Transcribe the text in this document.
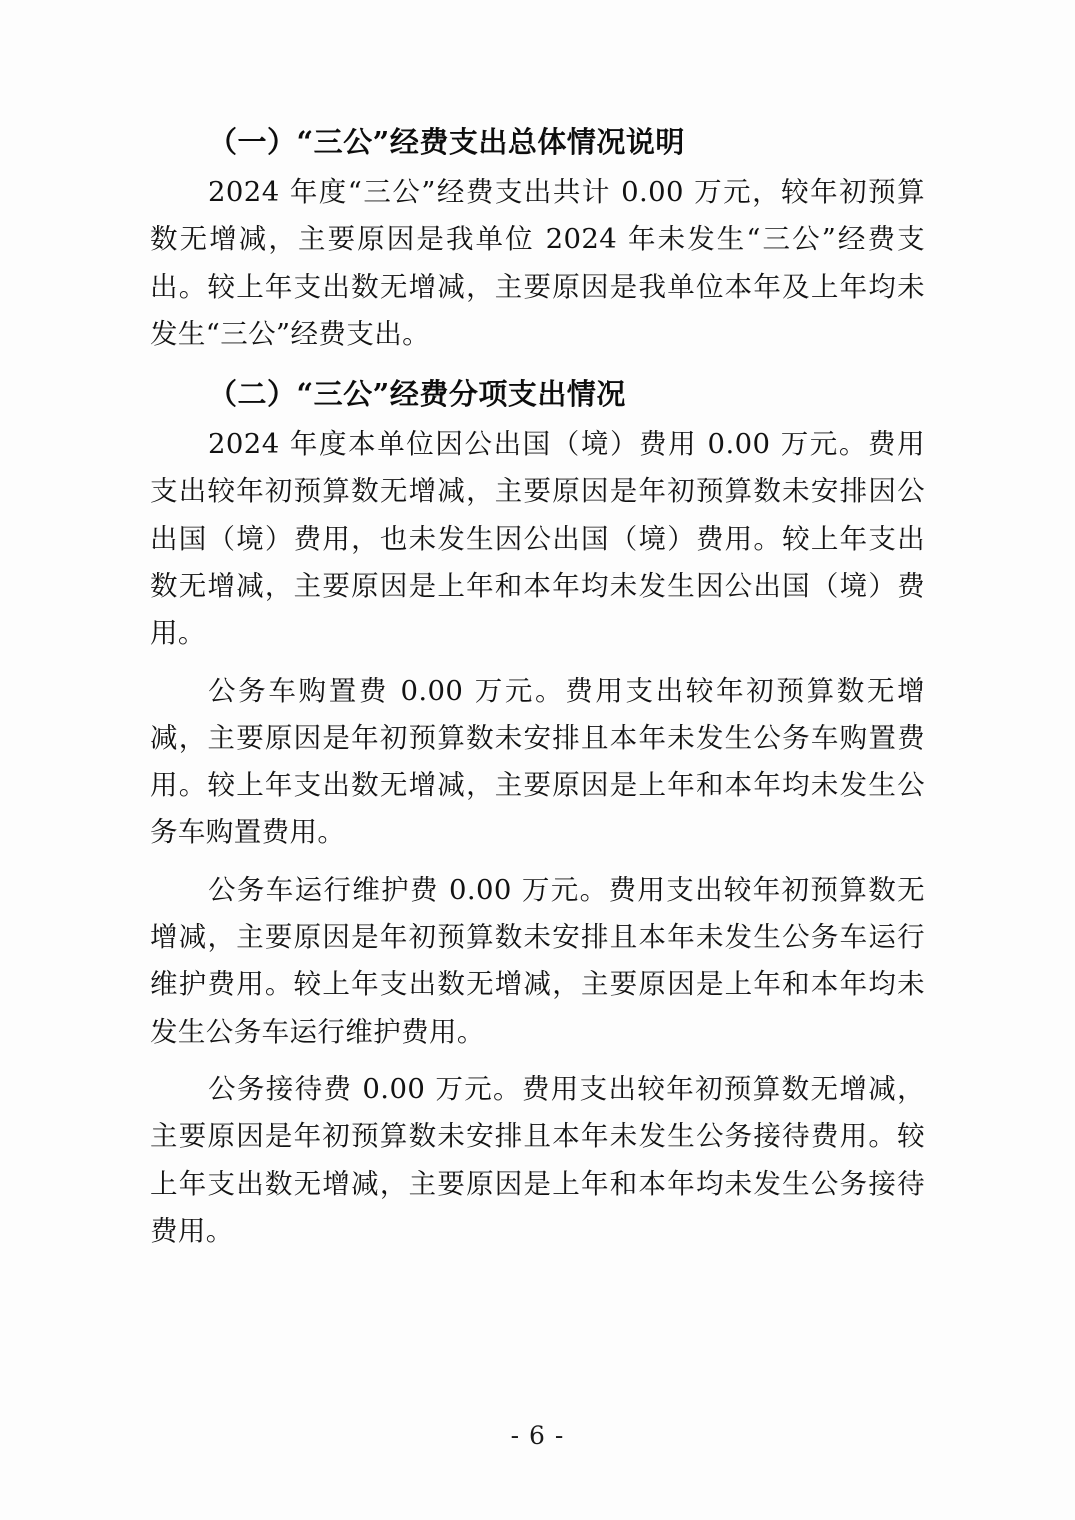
（一）“三公”经费支出总体情况说明

2024 年度“三公”经费支出共计 0.00 万元，较年初预算数无增减，主要原因是我单位 2024 年未发生“三公”经费支出。较上年支出数无增减，主要原因是我单位本年及上年均未发生“三公”经费支出。

（二）“三公”经费分项支出情况

2024 年度本单位因公出国（境）费用 0.00 万元。费用支出较年初预算数无增减，主要原因是年初预算数未安排因公出国（境）费用，也未发生因公出国（境）费用。较上年支出数无增减，主要原因是上年和本年均未发生因公出国（境）费用。

公务车购置费 0.00 万元。费用支出较年初预算数无增减，主要原因是年初预算数未安排且本年未发生公务车购置费用。较上年支出数无增减，主要原因是上年和本年均未发生公务车购置费用。

公务车运行维护费 0.00 万元。费用支出较年初预算数无增减，主要原因是年初预算数未安排且本年未发生公务车运行维护费用。较上年支出数无增减，主要原因是上年和本年均未发生公务车运行维护费用。

公务接待费 0.00 万元。费用支出较年初预算数无增减，主要原因是年初预算数未安排且本年未发生公务接待费用。较上年支出数无增减，主要原因是上年和本年均未发生公务接待费用。

- 6 -
